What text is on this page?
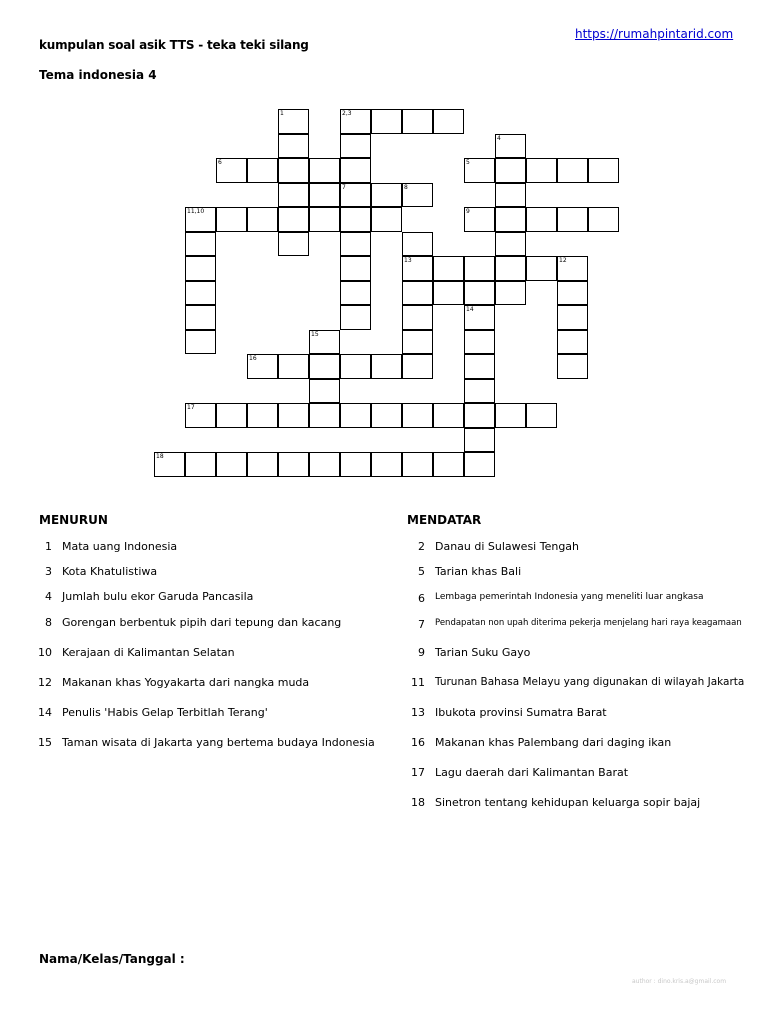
kumpulan soal asik TTS - teka teki silang
https://rumahpintarid.com
Tema indonesia 4
1	2,3
4
6	5
7	8
11,10	9
13	12
14
15
16
17
18
MENURUN	MENDATAR
1 Mata uang Indonesia
3 Kota Khatulistiwa
4 Jumlah bulu ekor Garuda Pancasila
8 Gorengan berbentuk pipih dari tepung dan kacang
10 Kerajaan di Kalimantan Selatan
12 Makanan khas Yogyakarta dari nangka muda
14 Penulis 'Habis Gelap Terbitlah Terang'
15 Taman wisata di Jakarta yang bertema budaya Indonesia
2 Danau di Sulawesi Tengah
5 Tarian khas Bali
6 Lembaga pemerintah Indonesia yang meneliti luar angkasa
7 Pendapatan non upah diterima pekerja menjelang hari raya keagamaan
9 Tarian Suku Gayo
11 Turunan Bahasa Melayu yang digunakan di wilayah Jakarta
13 Ibukota provinsi Sumatra Barat
16 Makanan khas Palembang dari daging ikan
17 Lagu daerah dari Kalimantan Barat
18 Sinetron tentang kehidupan keluarga sopir bajaj
Nama/Kelas/Tanggal :
author : dino.kris.a@gmail.com
